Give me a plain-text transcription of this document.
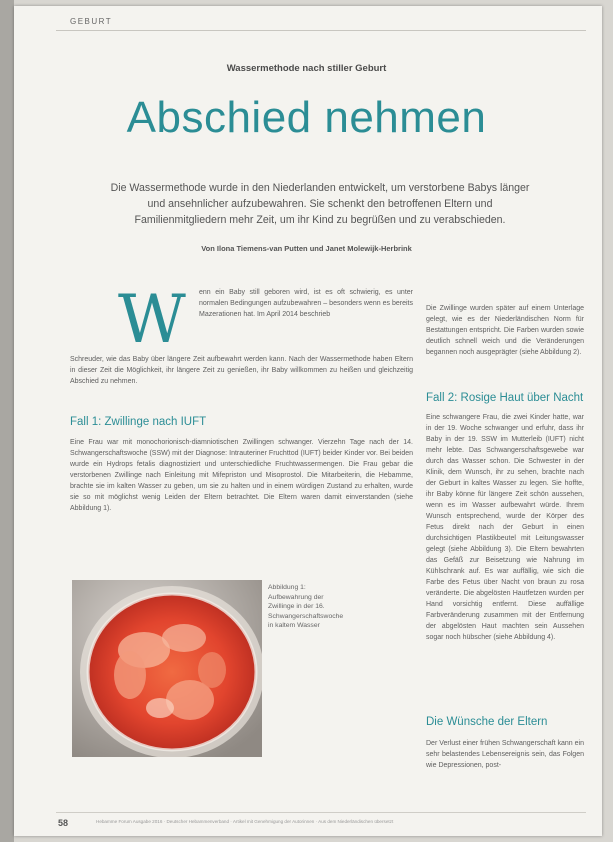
GEBURT
Wassermethode nach stiller Geburt
Abschied nehmen
Die Wassermethode wurde in den Niederlanden entwickelt, um verstorbene Babys länger und ansehnlicher aufzubewahren. Sie schenkt den betroffenen Eltern und Familienmitgliedern mehr Zeit, um ihr Kind zu begrüßen und zu verabschieden.
Von Ilona Tiemens-van Putten und Janet Molewijk-Herbrink
W	enn ein Baby still geboren wird, ist es oft schwierig, es unter normalen Bedingungen aufzubewahren – besonders wenn es bereits Mazerationen hat. Im April 2014 beschrieb

Schreuder, wie das Baby über längere Zeit aufbewahrt werden kann. Nach der Wassermethode haben Eltern in dieser Zeit die Möglichkeit, ihr längere Zeit zu genießen, ihr Baby willkommen zu heißen und gleichzeitig Abschied zu nehmen.

Fall 1: Zwillinge nach IUFT

Eine Frau war mit monochorionisch-diamniotischen Zwillingen schwanger. Vierzehn Tage nach der 14. Schwangerschaftswoche (SSW) mit der Diagnose: Intrauteriner Fruchttod (IUFT) beider Kinder vor. Bei beiden wurde ein Hydrops fetalis diagnostiziert und unterschiedliche Fruchtwassermengen. Die Frau gebar die verstorbenen Zwillinge nach Einleitung mit Mifepriston und Misoprostol. Die Mitarbeiterin, die Hebamme, brachte sie im kalten Wasser zu geben, um sie zu halten und in einem würdigen Zustand zu erhalten, wurde sie so mit möglichst wenig Leiden der Eltern betrachtet. Die Eltern waren damit einverstanden (siehe Abbildung 1).

Abbildung 1: Aufbewahrung der Zwillinge in der 16. Schwangerschaftswoche in kaltem Wasser

Die Zwillinge wurden später auf einem Unterlage gelegt, wie es der Niederländischen Norm für Bestattungen entspricht. Die Farben wurden sowie deutlich schnell weich und die Veränderungen begannen noch ausgeprägter (siehe Abbildung 2).

Fall 2: Rosige Haut über Nacht

Eine schwangere Frau, die zwei Kinder hatte, war in der 19. Woche schwanger und erfuhr, dass ihr Baby in der 19. SSW im Mutterleib (IUFT) nicht mehr lebte. Das Schwangerschaftsgewebe war durch das Wasser schon. Die Schwester in der Klinik, dem Wunsch, ihr zu sehen, brachte nach der Geburt in kaltes Wasser zu legen. Sie hoffte, ihr Baby könne für längere Zeit schön aussehen, wenn es im Wasser aufbewahrt würde. Ihrem Wunsch entsprechend, wurde der Körper des Fetus direkt nach der Geburt in einen durchsichtigen Plastikbeutel mit Leitungswasser gelegt (siehe Abbildung 3). Die Eltern bewahrten das Gefäß zur Beisetzung wie Nahrung im Kühlschrank auf. Es war auffällig, wie sich die Farbe des Fetus über Nacht von braun zu rosa veränderte. Die abgelösten Hautfetzen wurden per Hand vorsichtig entfernt. Diese auffällige Farbveränderung zusammen mit der Entfernung der abgelösten Haut machten sein Aussehen sogar noch hübscher (siehe Abbildung 4).

Die Wünsche der Eltern

Der Verlust einer frühen Schwangerschaft kann ein sehr belastendes Lebensereignis sein, das Folgen wie Depressionen, post-

58	Hebamme Forum Ausgabe 2016 · Deutscher Hebammenverband · Artikel mit Genehmigung der Autorinnen · Aus dem Niederländischen übersetzt
